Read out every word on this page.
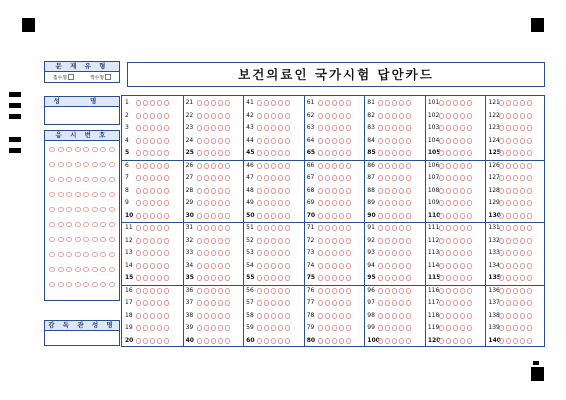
문 제 유 형
홀수형	짝수형
성 명
응 시 번 호
감 독 관 성 명
보건의료인 국가시험 답안카드
1
2
3
4
5
6
7
8
9
10
11
12
13
14
15
16
17
18
19
20
21
22
23
24
25
26
27
28
29
30
31
32
33
34
35
36
37
38
39
40
41
42
43
44
45
46
47
48
49
50
51
52
53
54
55
56
57
58
59
60
61
62
63
64
65
66
67
68
69
70
71
72
73
74
75
76
77
78
79
80
81
82
83
84
85
86
87
88
89
90
91
92
93
94
95
96
97
98
99
100
101
102
103
104
105
106
107
108
109
110
111
112
113
114
115
116
117
118
119
120
121
122
123
124
125
126
127
128
129
130
131
132
133
134
135
136
137
138
139
140
